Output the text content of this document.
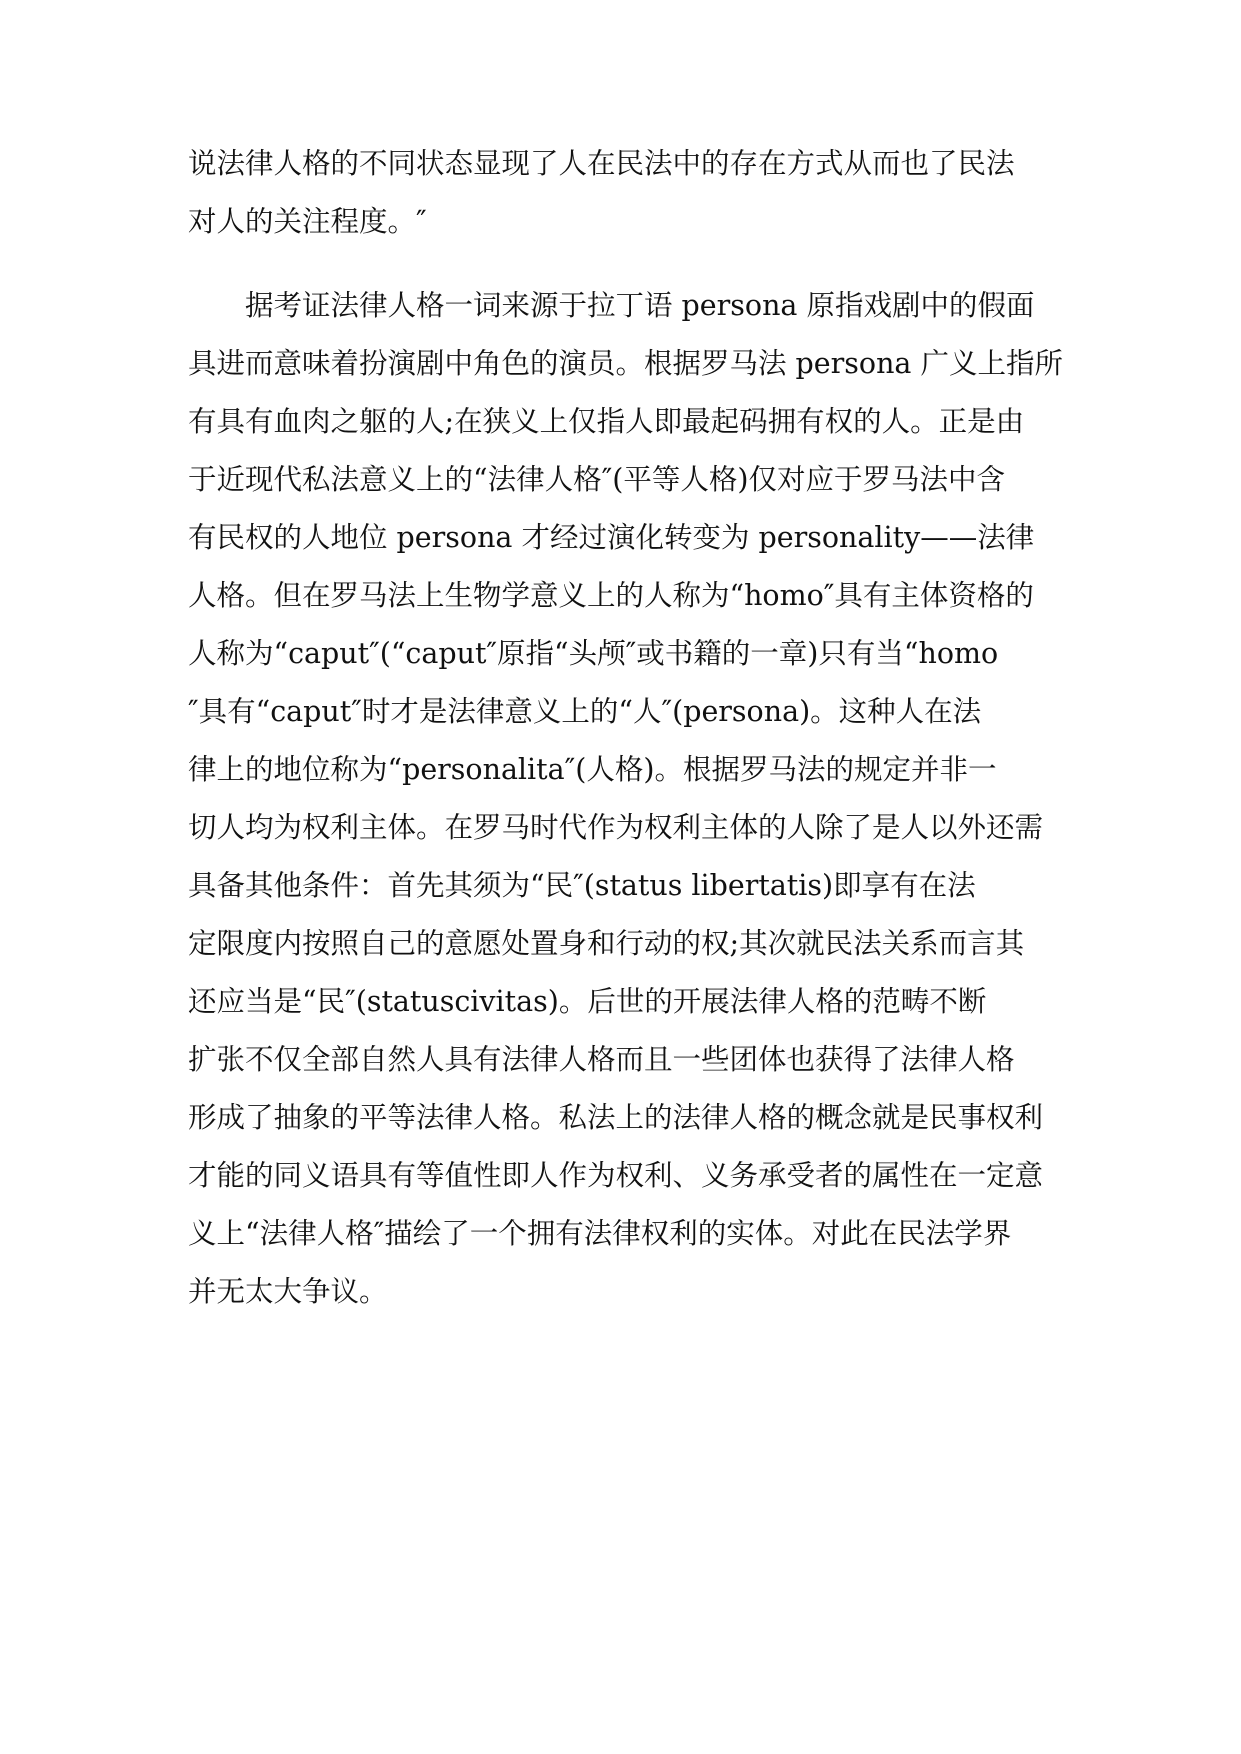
说法律人格的不同状态显现了人在民法中的存在方式从而也了民法
对人的关注程度。″
　　据考证法律人格一词来源于拉丁语 persona 原指戏剧中的假面
具进而意味着扮演剧中角色的演员。根据罗马法 persona 广义上指所
有具有血肉之躯的人;在狭义上仅指人即最起码拥有权的人。正是由
于近现代私法意义上的“法律人格″(平等人格)仅对应于罗马法中含
有民权的人地位 persona 才经过演化转变为 personality——法律
人格。但在罗马法上生物学意义上的人称为“homo″具有主体资格的
人称为“caput″(“caput″原指“头颅″或书籍的一章)只有当“homo
″具有“caput″时才是法律意义上的“人″(persona)。这种人在法
律上的地位称为“personalita″(人格)。根据罗马法的规定并非一
切人均为权利主体。在罗马时代作为权利主体的人除了是人以外还需
具备其他条件：首先其须为“民″(status libertatis)即享有在法
定限度内按照自己的意愿处置身和行动的权;其次就民法关系而言其
还应当是“民″(statuscivitas)。后世的开展法律人格的范畴不断
扩张不仅全部自然人具有法律人格而且一些团体也获得了法律人格
形成了抽象的平等法律人格。私法上的法律人格的概念就是民事权利
才能的同义语具有等值性即人作为权利、义务承受者的属性在一定意
义上“法律人格″描绘了一个拥有法律权利的实体。对此在民法学界
并无太大争议。
